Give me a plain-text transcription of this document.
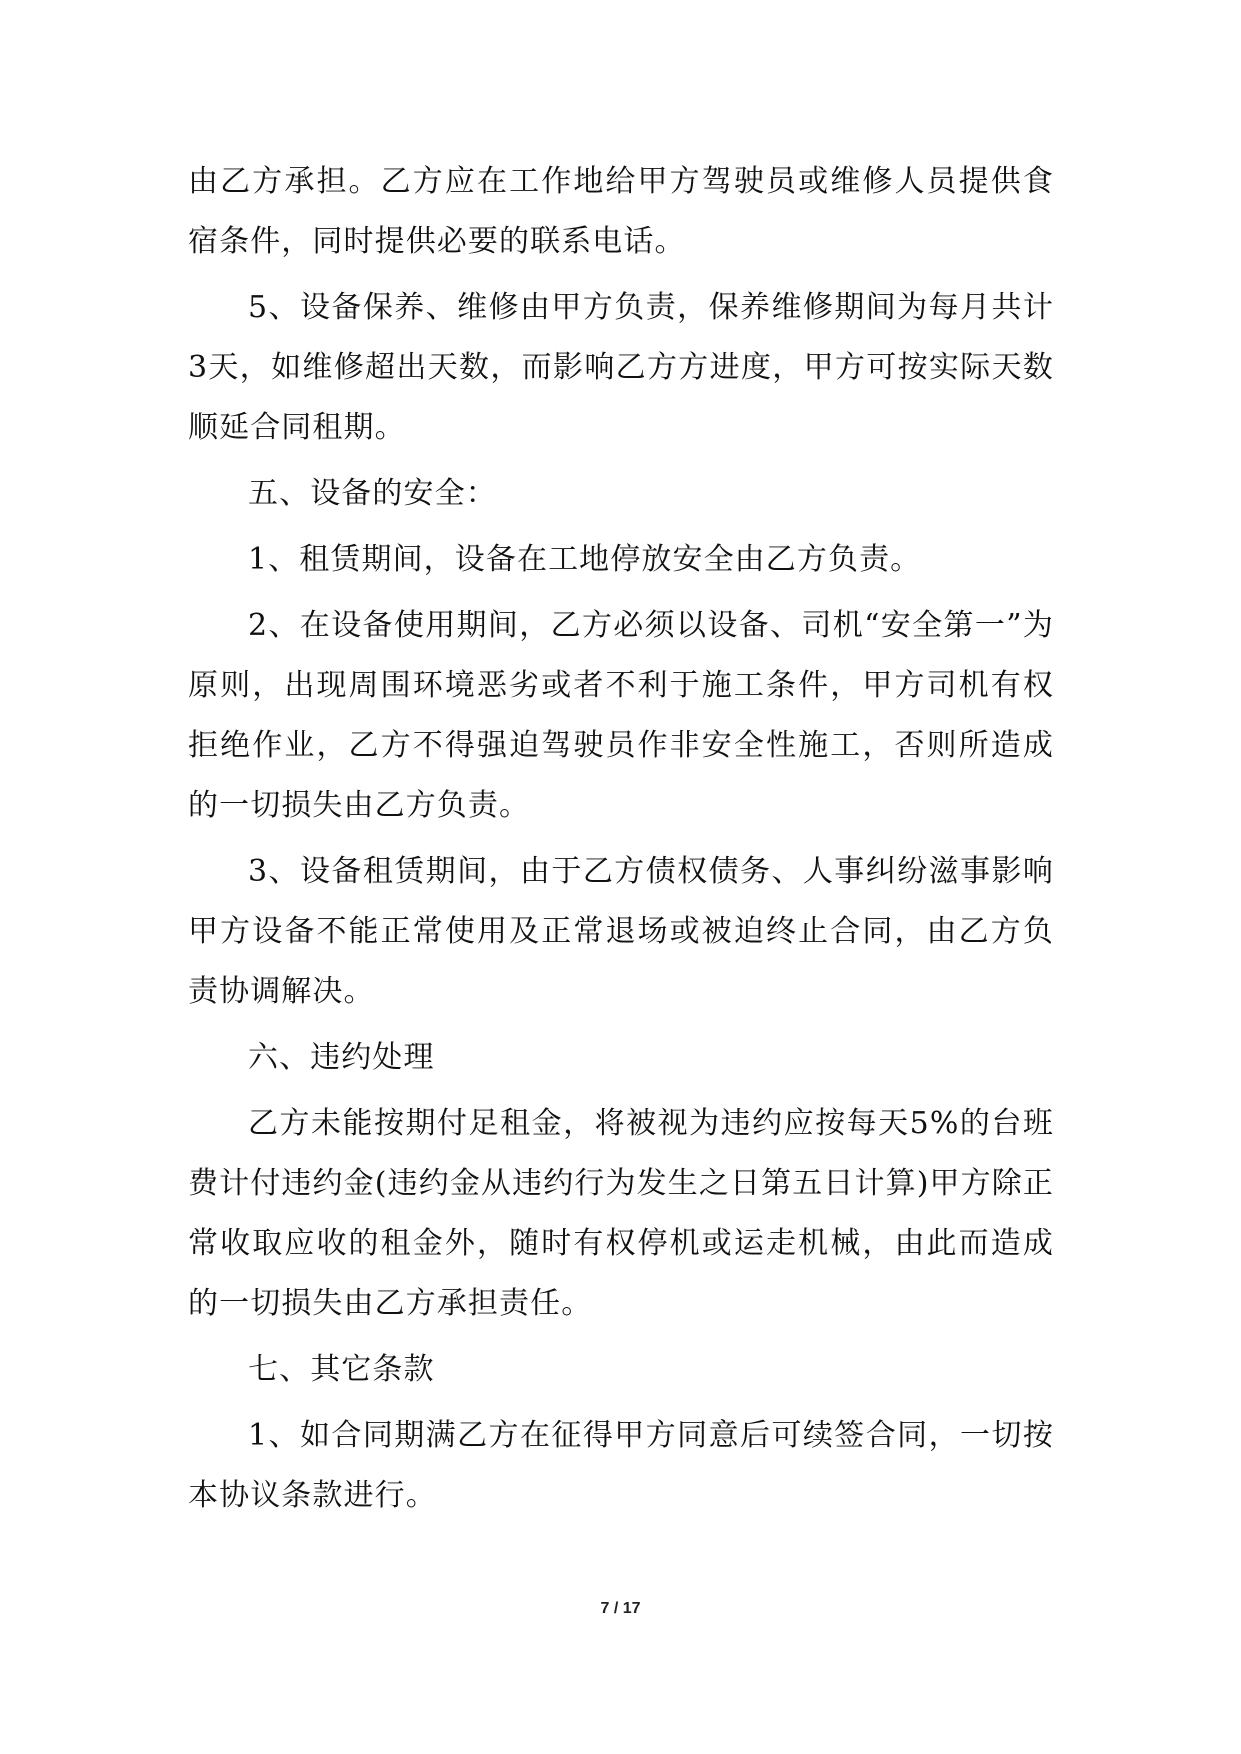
由乙方承担。乙方应在工作地给甲方驾驶员或维修人员提供食宿条件，同时提供必要的联系电话。

5、设备保养、维修由甲方负责，保养维修期间为每月共计3天，如维修超出天数，而影响乙方方进度，甲方可按实际天数顺延合同租期。

五、设备的安全：

1、租赁期间，设备在工地停放安全由乙方负责。

2、在设备使用期间，乙方必须以设备、司机“安全第一”为原则，出现周围环境恶劣或者不利于施工条件，甲方司机有权拒绝作业，乙方不得强迫驾驶员作非安全性施工，否则所造成的一切损失由乙方负责。

3、设备租赁期间，由于乙方债权债务、人事纠纷滋事影响甲方设备不能正常使用及正常退场或被迫终止合同，由乙方负责协调解决。

六、违约处理

乙方未能按期付足租金，将被视为违约应按每天5%的台班费计付违约金(违约金从违约行为发生之日第五日计算)甲方除正常收取应收的租金外，随时有权停机或运走机械，由此而造成的一切损失由乙方承担责任。

七、其它条款

1、如合同期满乙方在征得甲方同意后可续签合同，一切按本协议条款进行。

7 / 17
